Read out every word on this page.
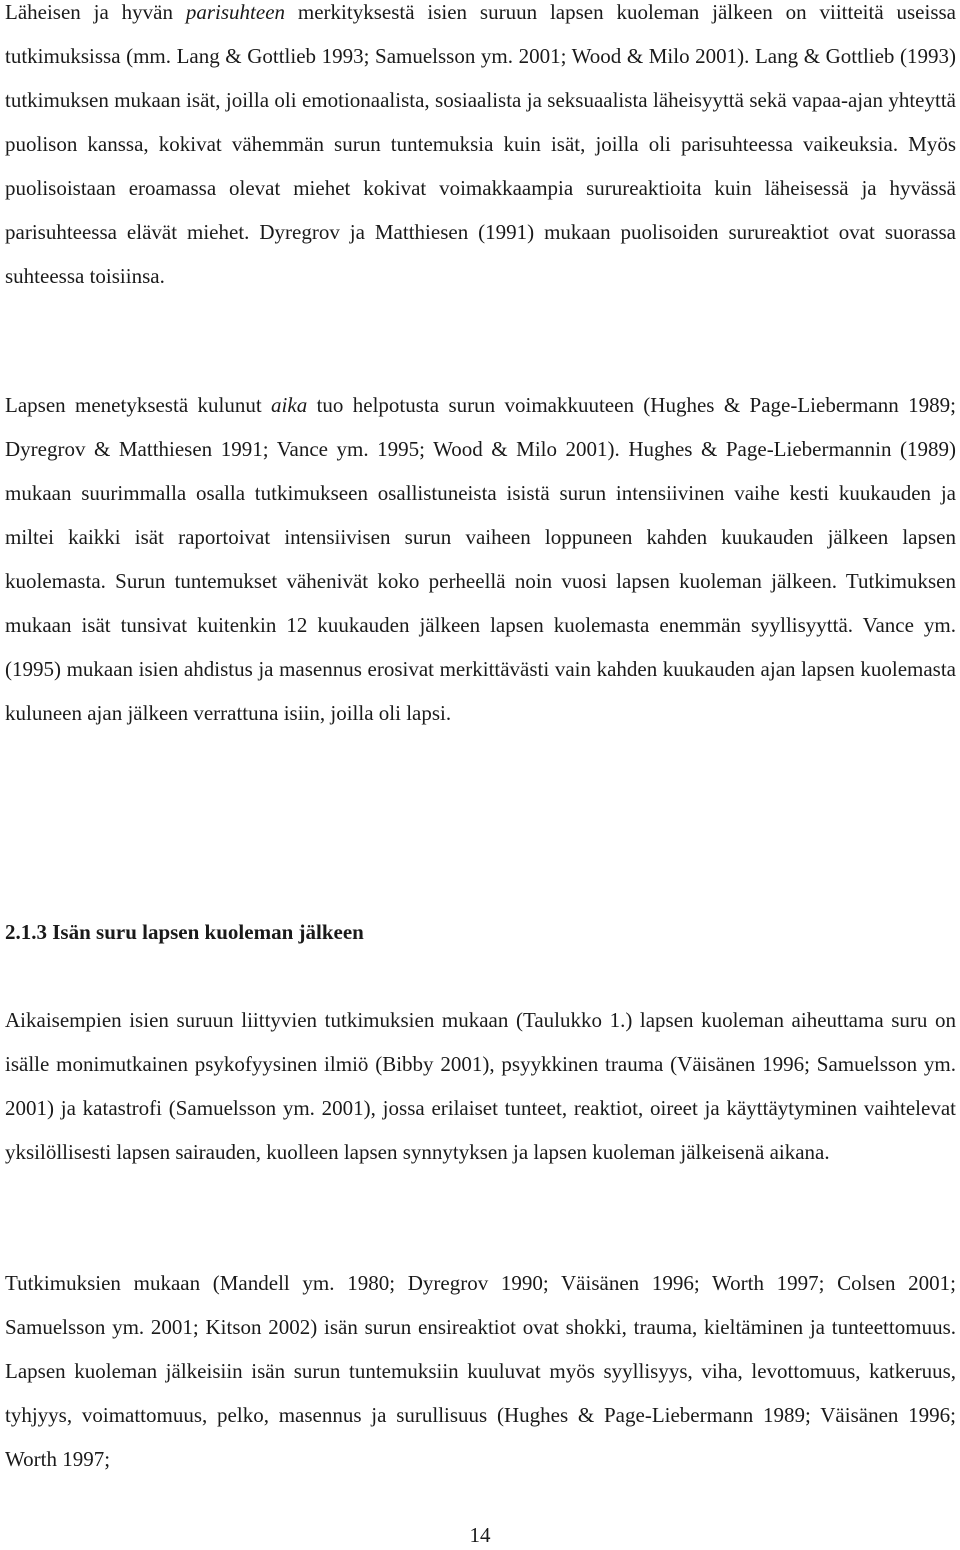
Läheisen ja hyvän parisuhteen merkityksestä isien suruun lapsen kuoleman jälkeen on viitteitä useissa tutkimuksissa (mm. Lang & Gottlieb 1993; Samuelsson ym. 2001; Wood & Milo 2001). Lang & Gottlieb (1993) tutkimuksen mukaan isät, joilla oli emotionaalista, sosiaalista ja seksuaalista läheisyyttä sekä vapaa-ajan yhteyttä puolison kanssa, kokivat vähemmän surun tuntemuksia kuin isät, joilla oli parisuhteessa vaikeuksia. Myös puolisoistaan eroamassa olevat miehet kokivat voimakkaampia surureaktioita kuin läheisessä ja hyvässä parisuhteessa elävät miehet. Dyregrov ja Matthiesen (1991) mukaan puolisoiden surureaktiot ovat suorassa suhteessa toisiinsa.

Lapsen menetyksestä kulunut aika tuo helpotusta surun voimakkuuteen (Hughes & Page-Liebermann 1989; Dyregrov & Matthiesen 1991; Vance ym. 1995; Wood & Milo 2001). Hughes & Page-Liebermannin (1989) mukaan suurimmalla osalla tutkimukseen osallistuneista isistä surun intensiivinen vaihe kesti kuukauden ja miltei kaikki isät raportoivat intensiivisen surun vaiheen loppuneen kahden kuukauden jälkeen lapsen kuolemasta. Surun tuntemukset vähenivät koko perheellä noin vuosi lapsen kuoleman jälkeen. Tutkimuksen mukaan isät tunsivat kuitenkin 12 kuukauden jälkeen lapsen kuolemasta enemmän syyllisyyttä. Vance ym. (1995) mukaan isien ahdistus ja masennus erosivat merkittävästi vain kahden kuukauden ajan lapsen kuolemasta kuluneen ajan jälkeen verrattuna isiin, joilla oli lapsi.

2.1.3 Isän suru lapsen kuoleman jälkeen

Aikaisempien isien suruun liittyvien tutkimuksien mukaan (Taulukko 1.) lapsen kuoleman aiheuttama suru on isälle monimutkainen psykofyysinen ilmiö (Bibby 2001), psyykkinen trauma (Väisänen 1996; Samuelsson ym. 2001) ja katastrofi (Samuelsson ym. 2001), jossa erilaiset tunteet, reaktiot, oireet ja käyttäytyminen vaihtelevat yksilöllisesti lapsen sairauden, kuolleen lapsen synnytyksen ja lapsen kuoleman jälkeisenä aikana.

Tutkimuksien mukaan (Mandell ym. 1980; Dyregrov 1990; Väisänen 1996; Worth 1997; Colsen 2001; Samuelsson ym. 2001; Kitson 2002) isän surun ensireaktiot ovat shokki, trauma, kieltäminen ja tunteettomuus. Lapsen kuoleman jälkeisiin isän surun tuntemuksiin kuuluvat myös syyllisyys, viha, levottomuus, katkeruus, tyhjyys, voimattomuus, pelko, masennus ja surullisuus (Hughes & Page-Liebermann 1989; Väisänen 1996; Worth 1997;

14
